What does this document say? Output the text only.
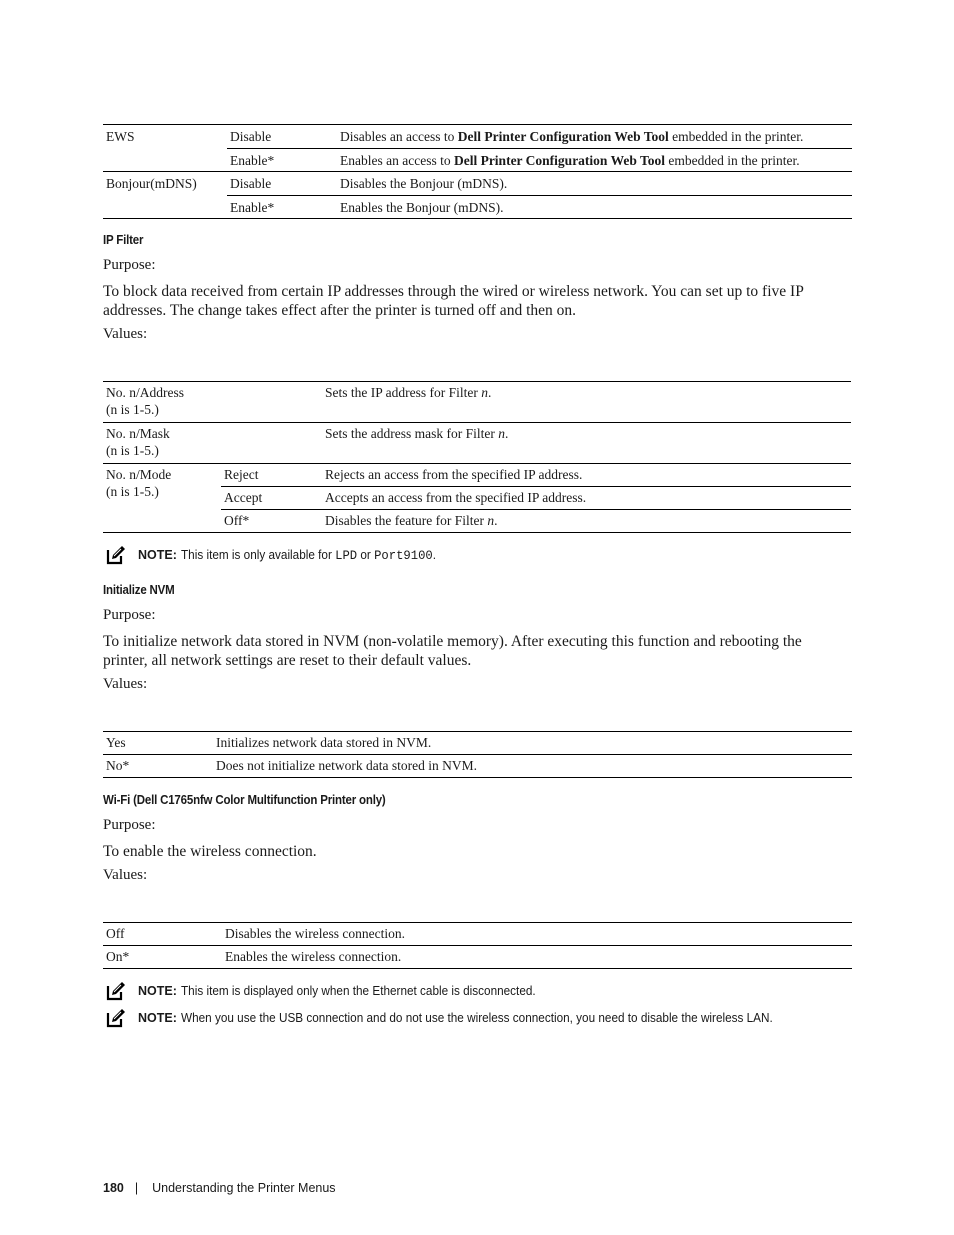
EWS	Disable	Disables an access to Dell Printer Configuration Web Tool embedded in the printer.
	Enable*	Enables an access to Dell Printer Configuration Web Tool embedded in the printer.
Bonjour(mDNS)	Disable	Disables the Bonjour (mDNS).
	Enable*	Enables the Bonjour (mDNS).
IP Filter
Purpose:
To block data received from certain IP addresses through the wired or wireless network. You can set up to five IP addresses. The change takes effect after the printer is turned off and then on.
Values:
No. n/Address
(n is 1-5.)		Sets the IP address for Filter n.

No. n/Mask
(n is 1-5.)		Sets the address mask for Filter n.

No. n/Mode
(n is 1-5.)	Reject	Rejects an access from the specified IP address.
	Accept	Accepts an access from the specified IP address.
	Off*	Disables the feature for Filter n.
NOTE: This item is only available for LPD or Port9100.
Initialize NVM
Purpose:
To initialize network data stored in NVM (non-volatile memory). After executing this function and rebooting the printer, all network settings are reset to their default values.
Values:
Yes	Initializes network data stored in NVM.
No*	Does not initialize network data stored in NVM.
Wi-Fi (Dell C1765nfw Color Multifunction Printer only)
Purpose:
To enable the wireless connection.
Values:
Off	Disables the wireless connection.
On*	Enables the wireless connection.
NOTE: This item is displayed only when the Ethernet cable is disconnected.
NOTE: When you use the USB connection and do not use the wireless connection, you need to disable the wireless LAN.
180 | Understanding the Printer Menus
